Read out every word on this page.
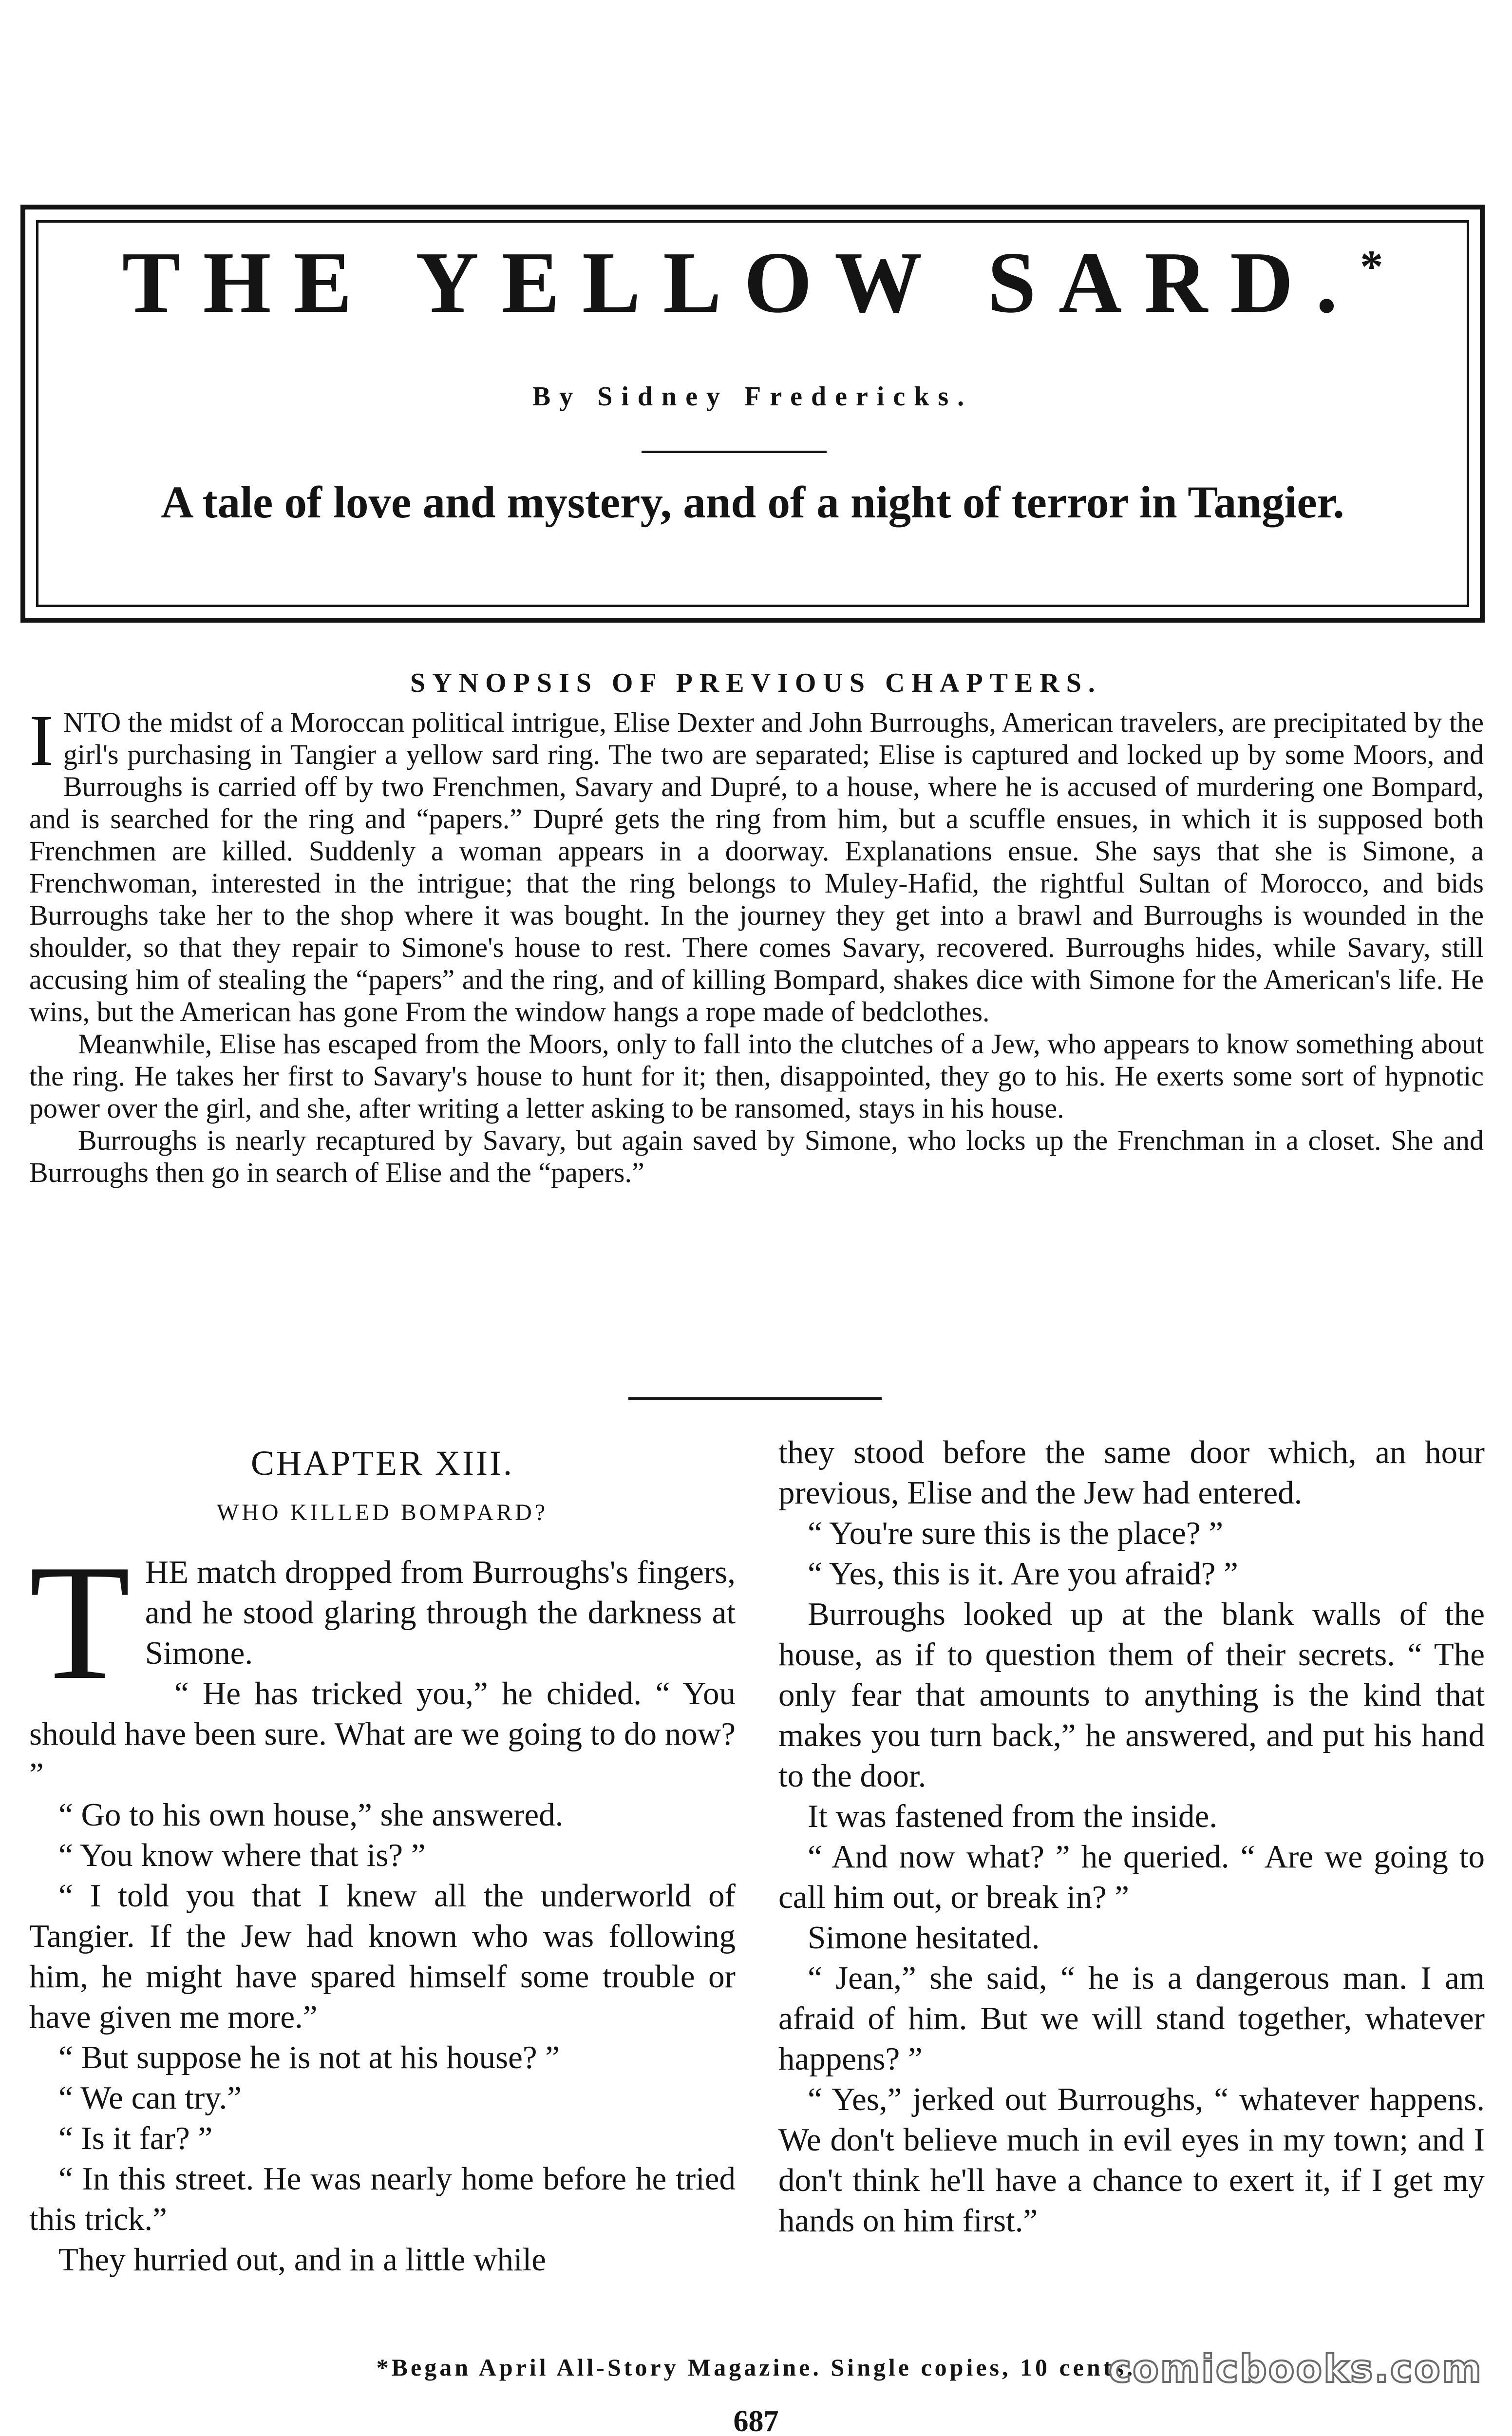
THE YELLOW SARD.*
By Sidney Fredericks.
A tale of love and mystery, and of a night of terror in Tangier.
SYNOPSIS OF PREVIOUS CHAPTERS.

INTO the midst of a Moroccan political intrigue, Elise Dexter and John Burroughs, American travelers, are precipitated by the girl's purchasing in Tangier a yellow sard ring. The two are separated; Elise is captured and locked up by some Moors, and Burroughs is carried off by two Frenchmen, Savary and Dupré, to a house, where he is accused of murdering one Bompard, and is searched for the ring and “papers.” Dupré gets the ring from him, but a scuffle ensues, in which it is supposed both Frenchmen are killed. Suddenly a woman appears in a doorway. Explanations ensue. She says that she is Simone, a Frenchwoman, interested in the intrigue; that the ring belongs to Muley-Hafid, the rightful Sultan of Morocco, and bids Burroughs take her to the shop where it was bought. In the journey they get into a brawl and Burroughs is wounded in the shoulder, so that they repair to Simone's house to rest. There comes Savary, recovered. Burroughs hides, while Savary, still accusing him of stealing the “papers” and the ring, and of killing Bompard, shakes dice with Simone for the American's life. He wins, but the American has gone From the window hangs a rope made of bedclothes.

Meanwhile, Elise has escaped from the Moors, only to fall into the clutches of a Jew, who appears to know something about the ring. He takes her first to Savary's house to hunt for it; then, disappointed, they go to his. He exerts some sort of hypnotic power over the girl, and she, after writing a letter asking to be ransomed, stays in his house.

Burroughs is nearly recaptured by Savary, but again saved by Simone, who locks up the Frenchman in a closet. She and Burroughs then go in search of Elise and the “papers.”

CHAPTER XIII.
WHO KILLED BOMPARD?

THE match dropped from Burroughs's fingers, and he stood glaring through the darkness at Simone.

“ He has tricked you,” he chided. “ You should have been sure. What are we going to do now? ”

“ Go to his own house,” she answered.

“ You know where that is? ”

“ I told you that I knew all the underworld of Tangier. If the Jew had known who was following him, he might have spared himself some trouble or have given me more.”

“ But suppose he is not at his house? ”

“ We can try.”

“ Is it far? ”

“ In this street. He was nearly home before he tried this trick.”

They hurried out, and in a little while

they stood before the same door which, an hour previous, Elise and the Jew had entered.

“ You're sure this is the place? ”

“ Yes, this is it. Are you afraid? ”

Burroughs looked up at the blank walls of the house, as if to question them of their secrets. “ The only fear that amounts to anything is the kind that makes you turn back,” he answered, and put his hand to the door.

It was fastened from the inside.

“ And now what? ” he queried. “ Are we going to call him out, or break in? ”

Simone hesitated.

“ Jean,” she said, “ he is a dangerous man. I am afraid of him. But we will stand together, whatever happens? ”

“ Yes,” jerked out Burroughs, “ whatever happens. We don't believe much in evil eyes in my town; and I don't think he'll have a chance to exert it, if I get my hands on him first.”

*Began April All-Story Magazine. Single copies, 10 cents.
comicbooks.com
687
